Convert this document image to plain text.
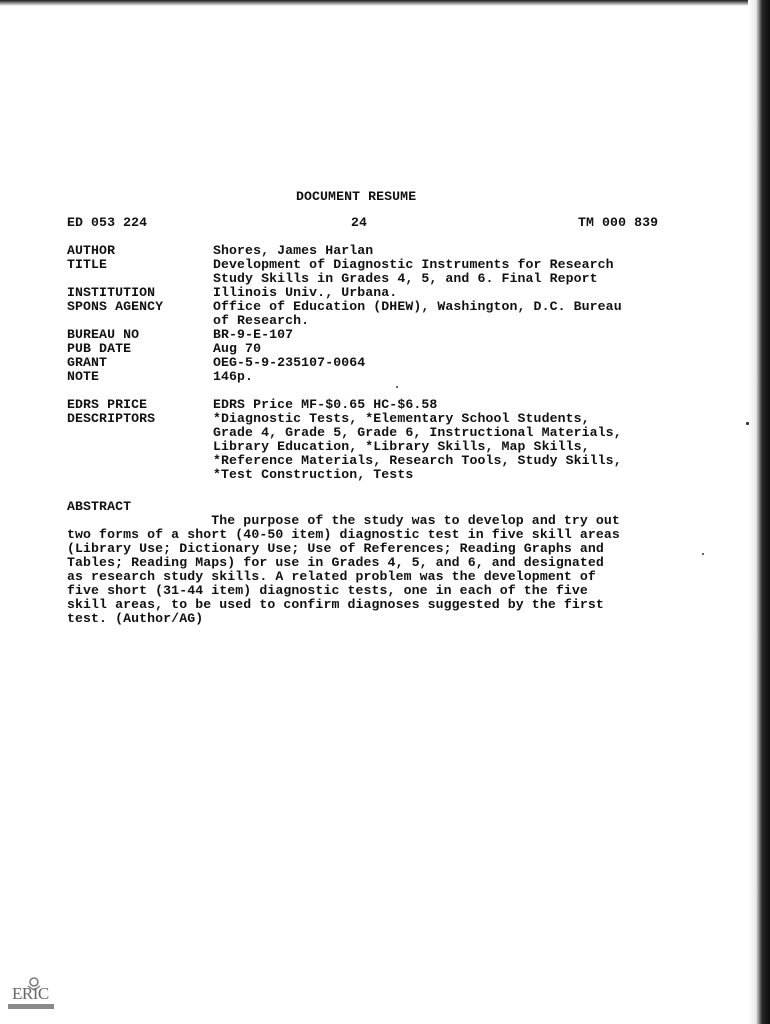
DOCUMENT RESUME
ED 053 224	24	TM 000 839
AUTHOR	Shores, James Harlan
TITLE	Development of Diagnostic Instruments for Research
Study Skills in Grades 4, 5, and 6. Final Report
INSTITUTION	Illinois Univ., Urbana.
SPONS AGENCY	Office of Education (DHEW), Washington, D.C. Bureau
of Research.
BUREAU NO	BR-9-E-107
PUB DATE	Aug 70
GRANT	OEG-5-9-235107-0064
NOTE	146p.
EDRS PRICE	EDRS Price MF-$0.65 HC-$6.58
DESCRIPTORS	*Diagnostic Tests, *Elementary School Students,
Grade 4, Grade 5, Grade 6, Instructional Materials,
Library Education, *Library Skills, Map Skills,
*Reference Materials, Research Tools, Study Skills,
*Test Construction, Tests
ABSTRACT
The purpose of the study was to develop and try out
two forms of a short (40-50 item) diagnostic test in five skill areas
(Library Use; Dictionary Use; Use of References; Reading Graphs and
Tables; Reading Maps) for use in Grades 4, 5, and 6, and designated
as research study skills. A related problem was the development of
five short (31-44 item) diagnostic tests, one in each of the five
skill areas, to be used to confirm diagnoses suggested by the first
test. (Author/AG)
ERIC
